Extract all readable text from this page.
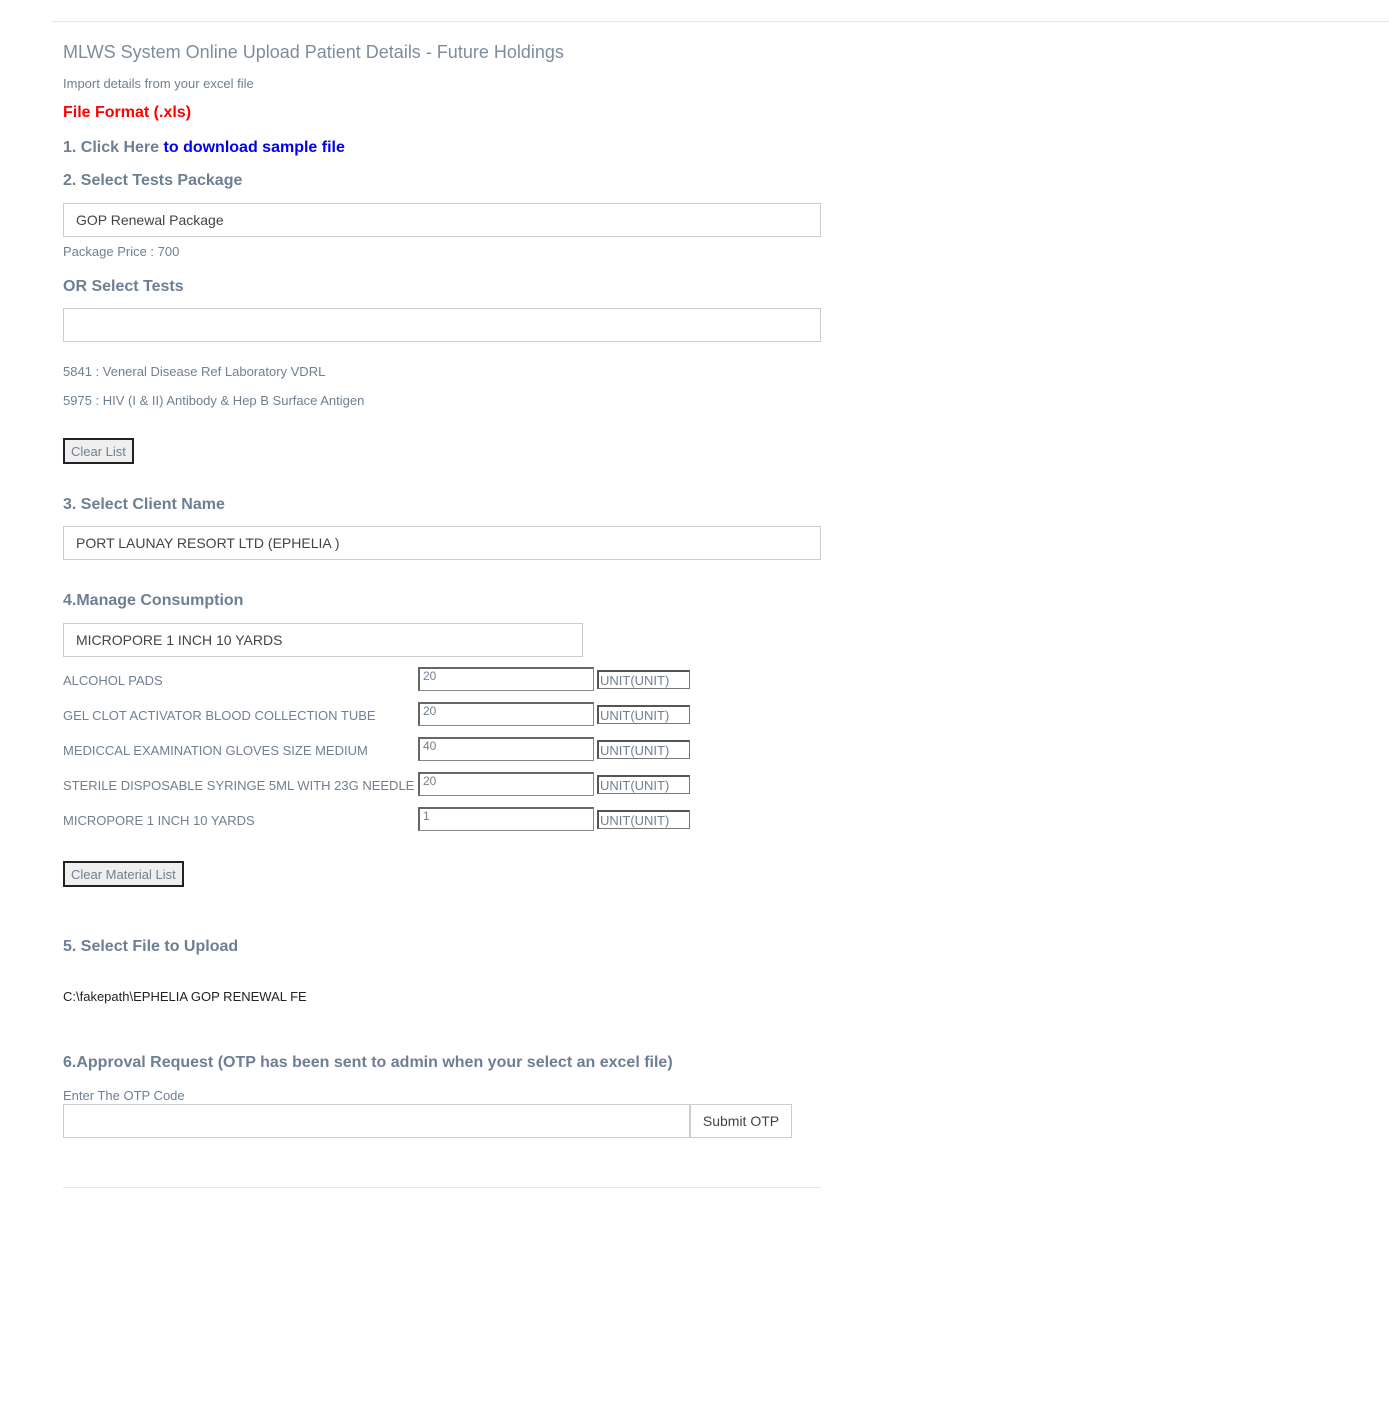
MLWS System Online Upload Patient Details - Future Holdings
Import details from your excel file
File Format (.xls)
1. Click Here to download sample file
2. Select Tests Package
GOP Renewal Package
Package Price : 700
OR Select Tests
5841 : Veneral Disease Ref Laboratory VDRL
5975 : HIV (I & II) Antibody & Hep B Surface Antigen
Clear List
3. Select Client Name
PORT LAUNAY RESORT LTD (EPHELIA )
4.Manage Consumption
MICROPORE 1 INCH 10 YARDS
ALCOHOL PADS	20	UNIT(UNIT)
GEL CLOT ACTIVATOR BLOOD COLLECTION TUBE	20	UNIT(UNIT)
MEDICCAL EXAMINATION GLOVES SIZE MEDIUM	40	UNIT(UNIT)
STERILE DISPOSABLE SYRINGE 5ML WITH 23G NEEDLE 20	UNIT(UNIT)
MICROPORE 1 INCH 10 YARDS	1	UNIT(UNIT)
Clear Material List
5. Select File to Upload
C:\fakepath\EPHELIA GOP RENEWAL FE
6.Approval Request (OTP has been sent to admin when your select an excel file)
Enter The OTP Code
Submit OTP
